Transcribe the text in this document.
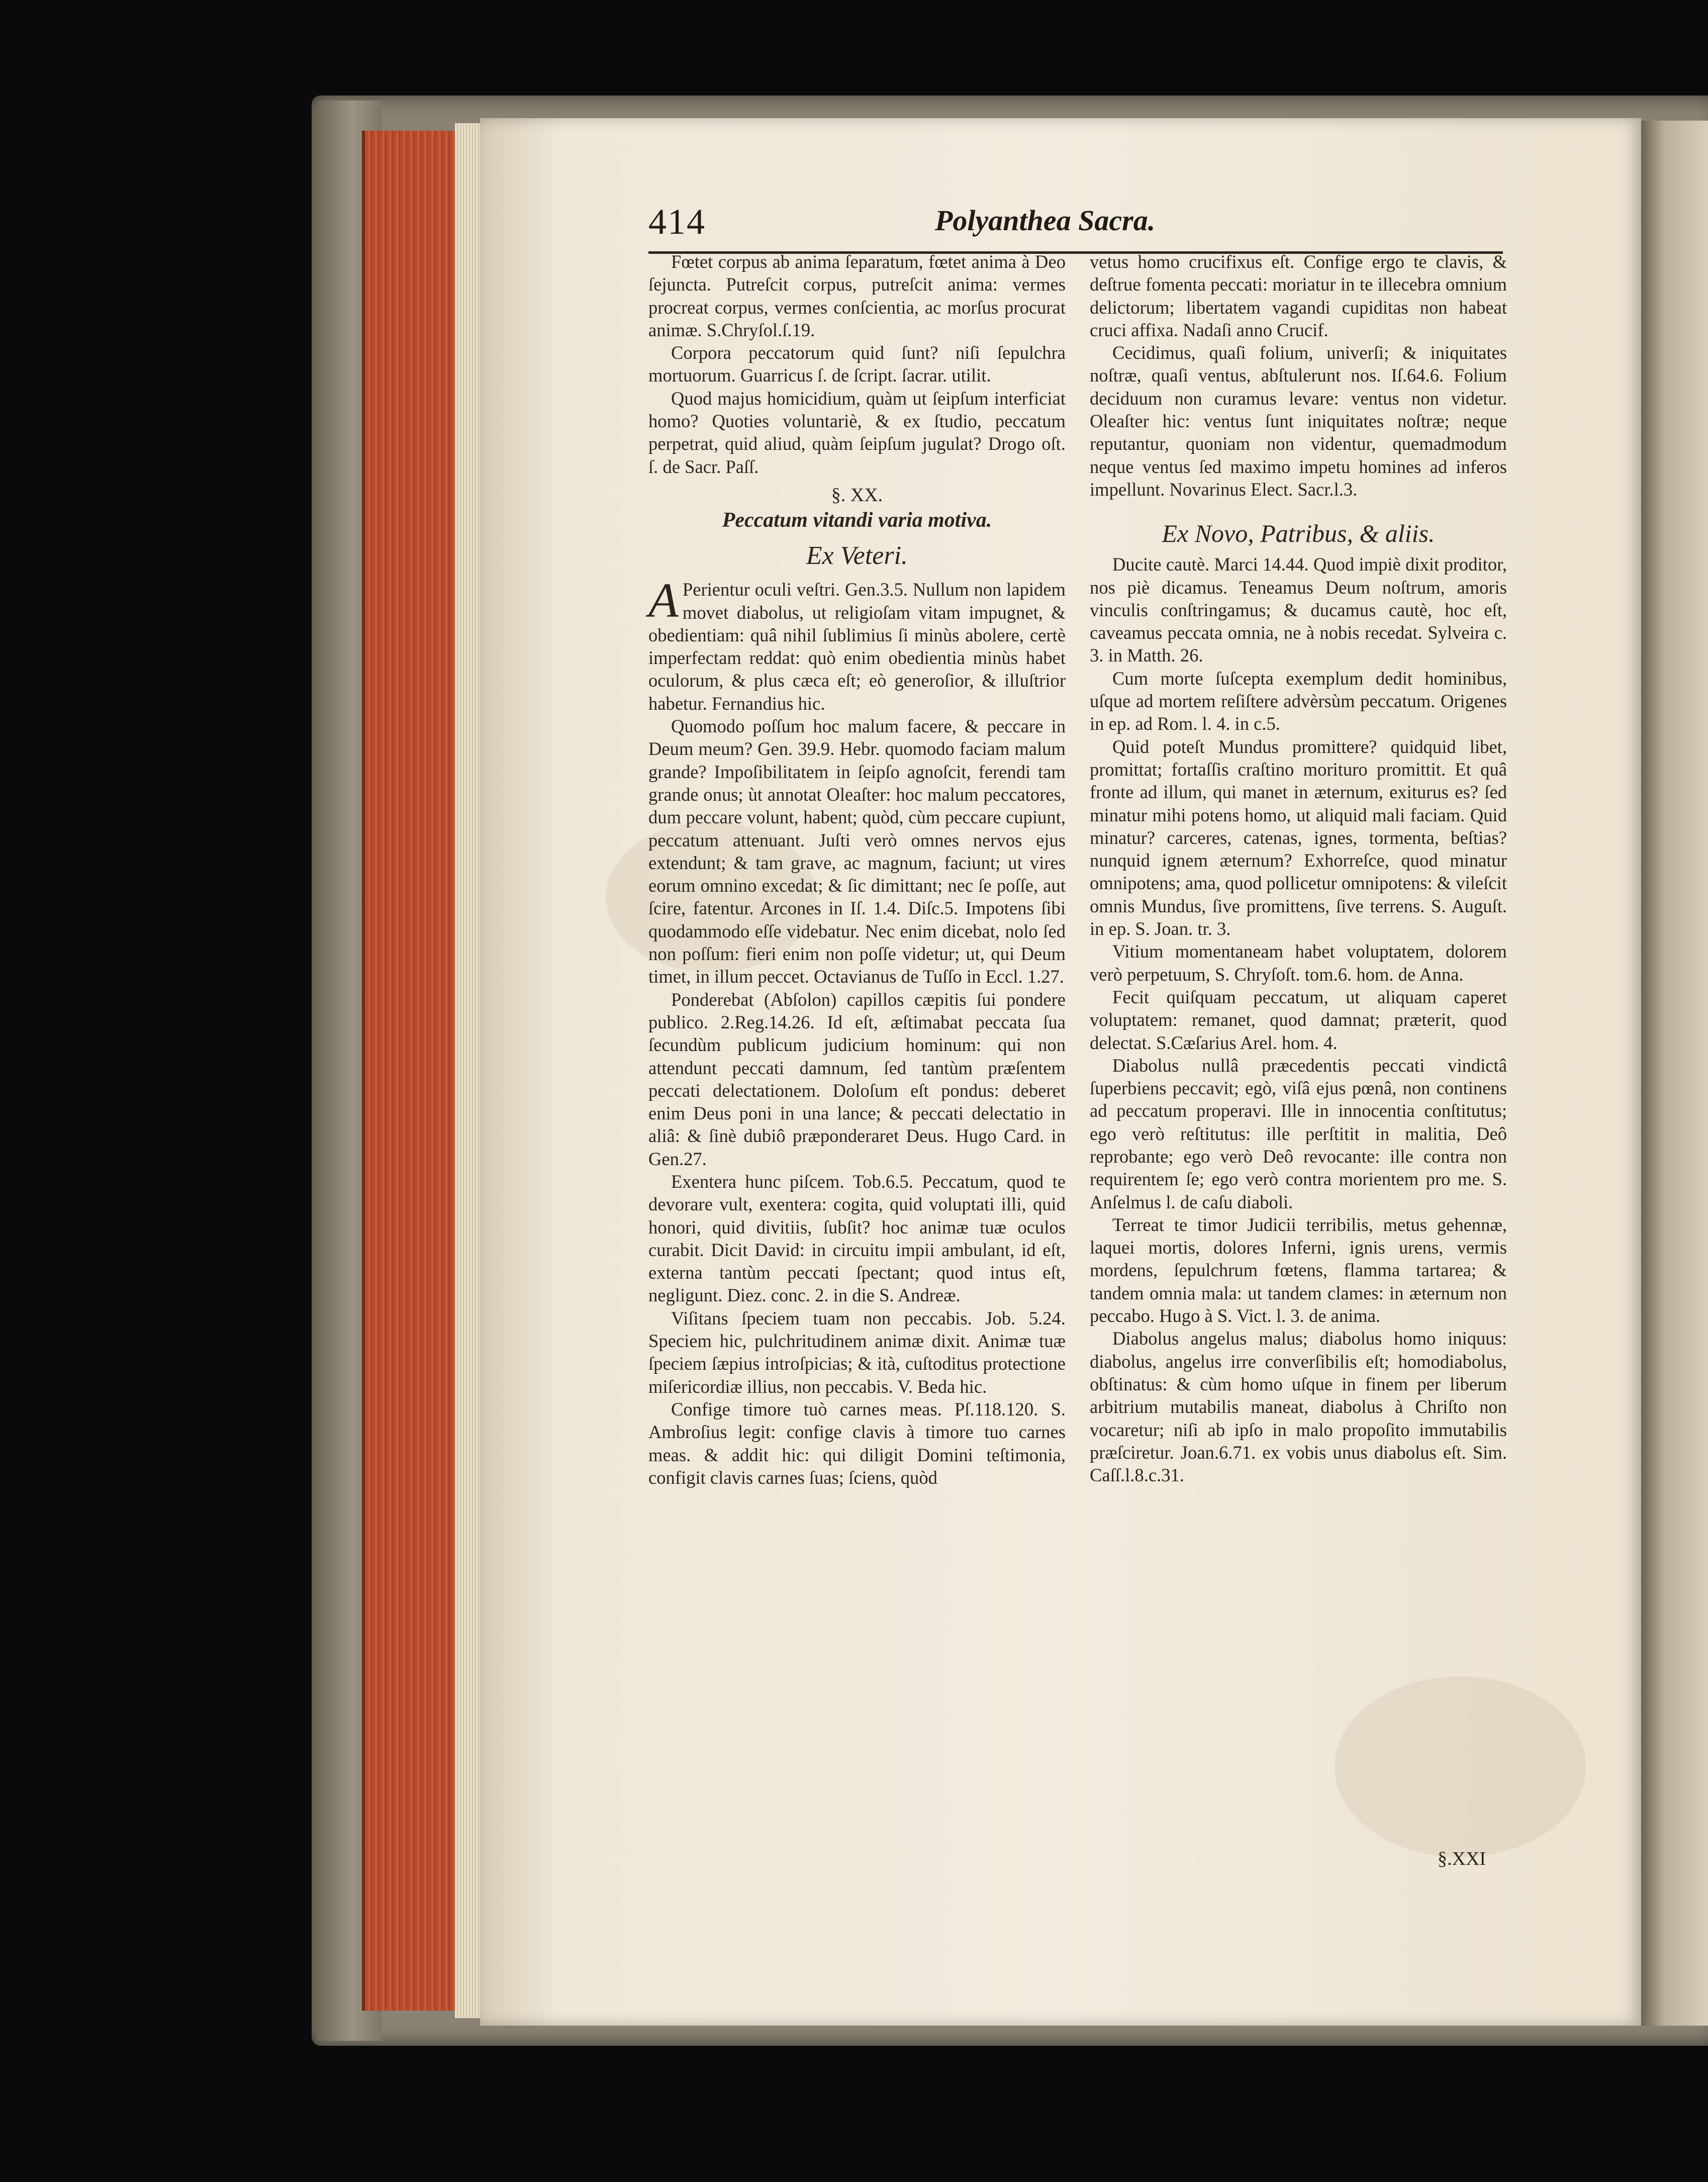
414	Polyanthea Sacra.

Fœtet corpus ab anima ſeparatum, fœtet anima à Deo ſejuncta. Putreſcit corpus, putreſcit anima: vermes procreat corpus, vermes conſcientia, ac morſus procurat animæ. S.Chryſol.ſ.19.

Corpora peccatorum quid ſunt? niſi ſepulchra mortuorum. Guarricus ſ. de ſcript. ſacrar. utilit.

Quod majus homicidium, quàm ut ſeipſum interficiat homo? Quoties voluntariè, & ex ſtudio, peccatum perpetrat, quid aliud, quàm ſeipſum jugulat? Drogo oſt. ſ. de Sacr. Paſſ.

§. XX.

Peccatum vitandi varia motiva.

Ex Veteri.

A Perientur oculi veſtri. Gen.3.5. Nullum non lapidem movet diabolus, ut religioſam vitam impugnet, & obedientiam: quâ nihil ſublimius ſi minùs abolere, certè imperfectam reddat: quò enim obedientia minùs habet oculorum, & plus cæca eſt; eò generoſior, & illuſtrior habetur. Fernandius hic.

Quomodo poſſum hoc malum facere, & peccare in Deum meum? Gen. 39.9. Hebr. quomodo faciam malum grande? Impoſibilitatem in ſeipſo agnoſcit, ferendi tam grande onus; ùt annotat Oleaſter: hoc malum peccatores, dum peccare volunt, habent; quòd, cùm peccare cupiunt, peccatum attenuant. Juſti verò omnes nervos ejus extendunt; & tam grave, ac magnum, faciunt; ut vires eorum omnino excedat; & ſic dimittant; nec ſe poſſe, aut ſcire, fatentur. Arcones in Iſ. 1.4. Diſc.5. Impotens ſibi quodammodo eſſe videbatur. Nec enim dicebat, nolo ſed non poſſum: fieri enim non poſſe videtur; ut, qui Deum timet, in illum peccet. Octavianus de Tuſſo in Eccl. 1.27.

Ponderebat (Abſolon) capillos cæpitis ſui pondere publico. 2.Reg.14.26. Id eſt, æſtimabat peccata ſua ſecundùm publicum judicium hominum: qui non attendunt peccati damnum, ſed tantùm præſentem peccati delectationem. Doloſum eſt pondus: deberet enim Deus poni in una lance; & peccati delectatio in aliâ: & ſinè dubiô præponderaret Deus. Hugo Card. in Gen.27.

Exentera hunc piſcem. Tob.6.5. Peccatum, quod te devorare vult, exentera: cogita, quid voluptati illi, quid honori, quid divitiis, ſubſit? hoc animæ tuæ oculos curabit. Dicit David: in circuitu impii ambulant, id eſt, externa tantùm peccati ſpectant; quod intus eſt, negligunt. Diez. conc. 2. in die S. Andreæ.

Viſitans ſpeciem tuam non peccabis. Job. 5.24. Speciem hic, pulchritudinem animæ dixit. Animæ tuæ ſpeciem ſæpius introſpicias; & ità, cuſtoditus protectione miſericordiæ illius, non peccabis. V. Beda hic.

Confige timore tuò carnes meas. Pſ.118.120. S. Ambroſius legit: confige clavis à timore tuo carnes meas. & addit hic: qui diligit Domini teſtimonia, configit clavis carnes ſuas; ſciens, quòd

vetus homo crucifixus eſt. Confige ergo te clavis, & deſtrue fomenta peccati: moriatur in te illecebra omnium delictorum; libertatem vagandi cupiditas non habeat cruci affixa. Nadaſi anno Crucif.

Cecidimus, quaſi folium, univerſi; & iniquitates noſtræ, quaſi ventus, abſtulerunt nos. Iſ.64.6. Folium deciduum non curamus levare: ventus non videtur. Oleaſter hic: ventus ſunt iniquitates noſtræ; neque reputantur, quoniam non videntur, quemadmodum neque ventus ſed maximo impetu homines ad inferos impellunt. Novarinus Elect. Sacr.l.3.

Ex Novo, Patribus, & aliis.

Ducite cautè. Marci 14.44. Quod impiè dixit proditor, nos piè dicamus. Teneamus Deum noſtrum, amoris vinculis conſtringamus; & ducamus cautè, hoc eſt, caveamus peccata omnia, ne à nobis recedat. Sylveira c. 3. in Matth. 26.

Cum morte ſuſcepta exemplum dedit hominibus, uſque ad mortem reſiſtere advèrsùm peccatum. Origenes in ep. ad Rom. l. 4. in c.5.

Quid poteſt Mundus promittere? quidquid libet, promittat; fortaſſis craſtino moriturо promittit. Et quâ fronte ad illum, qui manet in æternum, exiturus es? ſed minatur mihi potens homo, ut aliquid mali faciam. Quid minatur? carceres, catenas, ignes, tormenta, beſtias? nunquid ignem æternum? Exhorreſce, quod minatur omnipotens; ama, quod pollicetur omnipotens: & vileſcit omnis Mundus, ſive promittens, ſive terrens. S. Auguſt. in ep. S. Joan. tr. 3.

Vitium momentaneam habet voluptatem, dolorem verò perpetuum, S. Chryſoſt. tom.6. hom. de Anna.

Fecit quiſquam peccatum, ut aliquam caperet voluptatem: remanet, quod damnat; præterit, quod delectat. S.Cæſarius Arel. hom. 4.

Diabolus nullâ præcedentis peccati vindictâ ſuperbiens peccavit; egò, viſâ ejus pœnâ, non continens ad peccatum properavi. Ille in innocentia conſtitutus; ego verò reſtitutus: ille perſtitit in malitia, Deô reprobante; ego verò Deô revocante: ille contra non requirentem ſe; ego verò contra morientem pro me. S. Anſelmus l. de caſu diaboli.

Terreat te timor Judicii terribilis, metus gehennæ, laquei mortis, dolores Inferni, ignis urens, vermis mordens, ſepulchrum fœtens, flamma tartarea; & tandem omnia mala: ut tandem clames: in æternum non peccabo. Hugo à S. Vict. l. 3. de anima.

Diabolus angelus malus; diabolus homo iniquus: diabolus, angelus irre converſibilis eſt; homodiabolus, obſtinatus: & cùm homo uſque in finem per liberum arbitrium mutabilis maneat, diabolus à Chriſto non vocaretur; niſi ab ipſo in malo propoſito immutabilis præſciretur. Joan.6.71. ex vobis unus diabolus eſt. Sim. Caſſ.l.8.c.31.

§.XXI
